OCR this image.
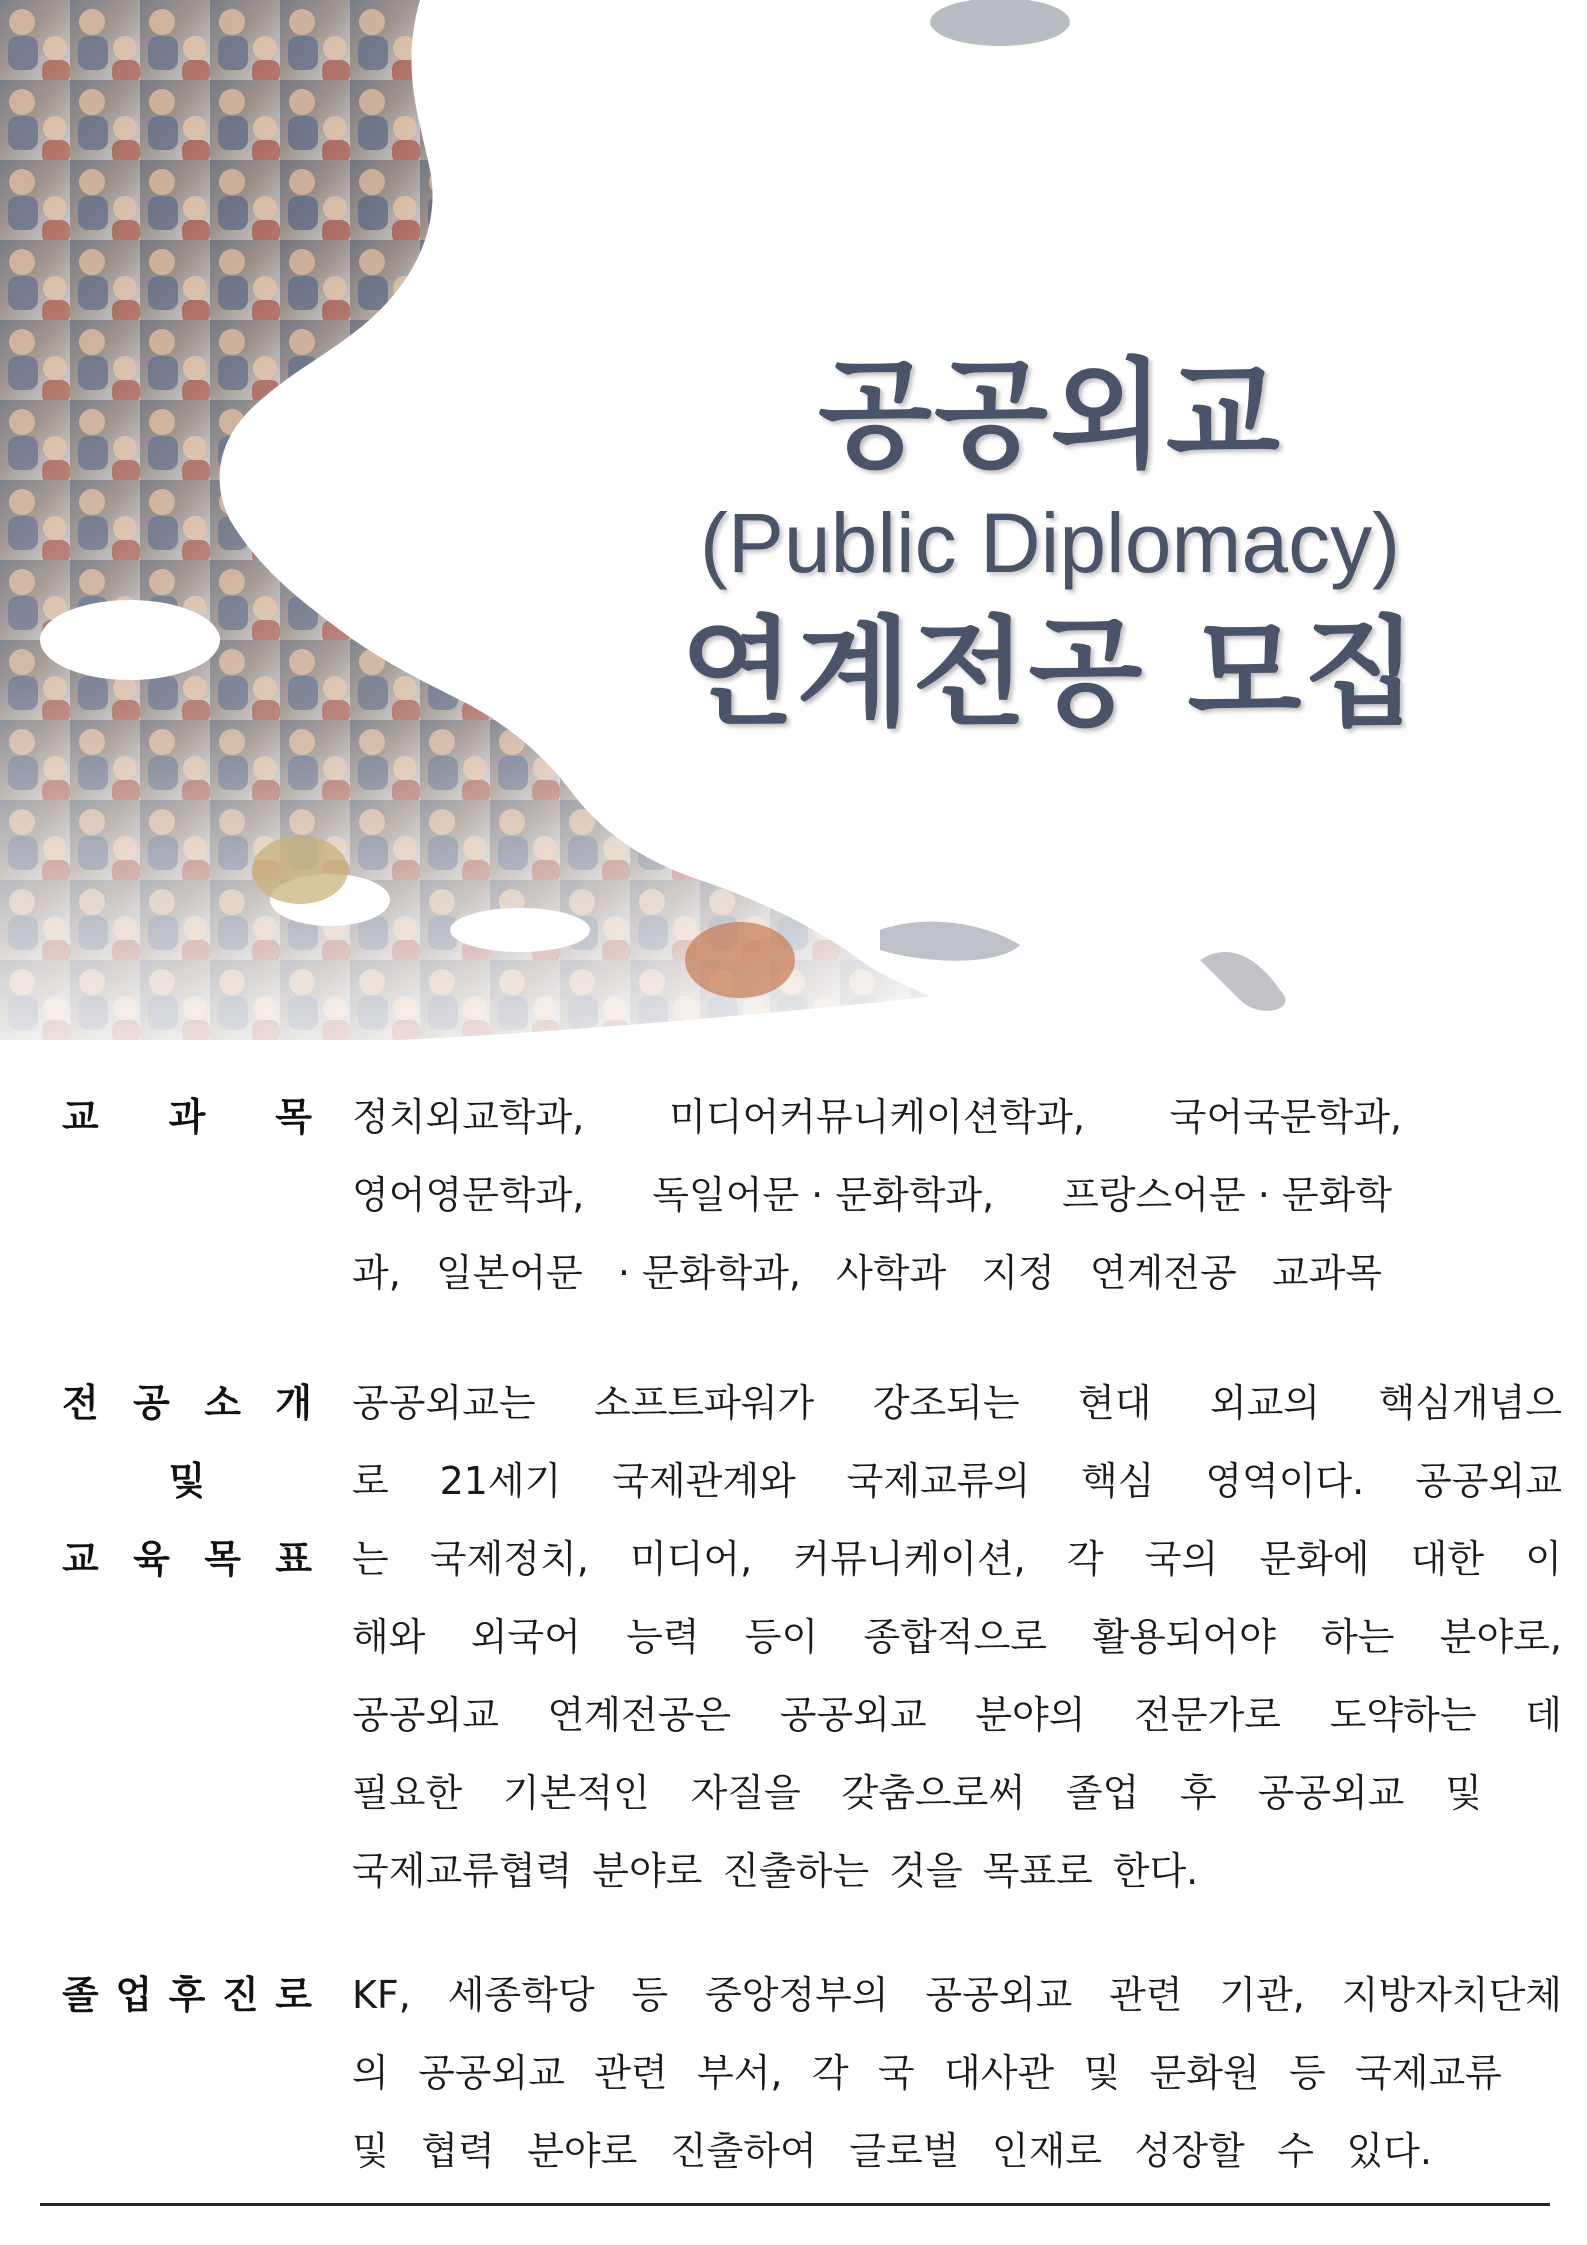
공공외교
(Public Diplomacy)
연계전공 모집
교 과 목 정치외교학과, 미디어커뮤니케이션학과, 국어국문학과,
영어영문학과, 독일어문 · 문화학과, 프랑스어문 · 문화학
과, 일본어문 · 문화학과, 사학과 지정 연계전공 교과목
전 공 소 개
및
교 육 목 표
공공외교는 소프트파워가 강조되는 현대 외교의 핵심개념으
로 21세기 국제관계와 국제교류의 핵심 영역이다. 공공외교
는 국제정치, 미디어, 커뮤니케이션, 각 국의 문화에 대한 이
해와 외국어 능력 등이 종합적으로 활용되어야 하는 분야로,
공공외교 연계전공은 공공외교 분야의 전문가로 도약하는 데
필요한 기본적인 자질을 갖춤으로써 졸업 후 공공외교 및
국제교류협력 분야로 진출하는 것을 목표로 한다.
졸 업 후 진 로 KF, 세종학당 등 중앙정부의 공공외교 관련 기관, 지방자치단체
의 공공외교 관련 부서, 각 국 대사관 및 문화원 등 국제교류
및 협력 분야로 진출하여 글로벌 인재로 성장할 수 있다.
